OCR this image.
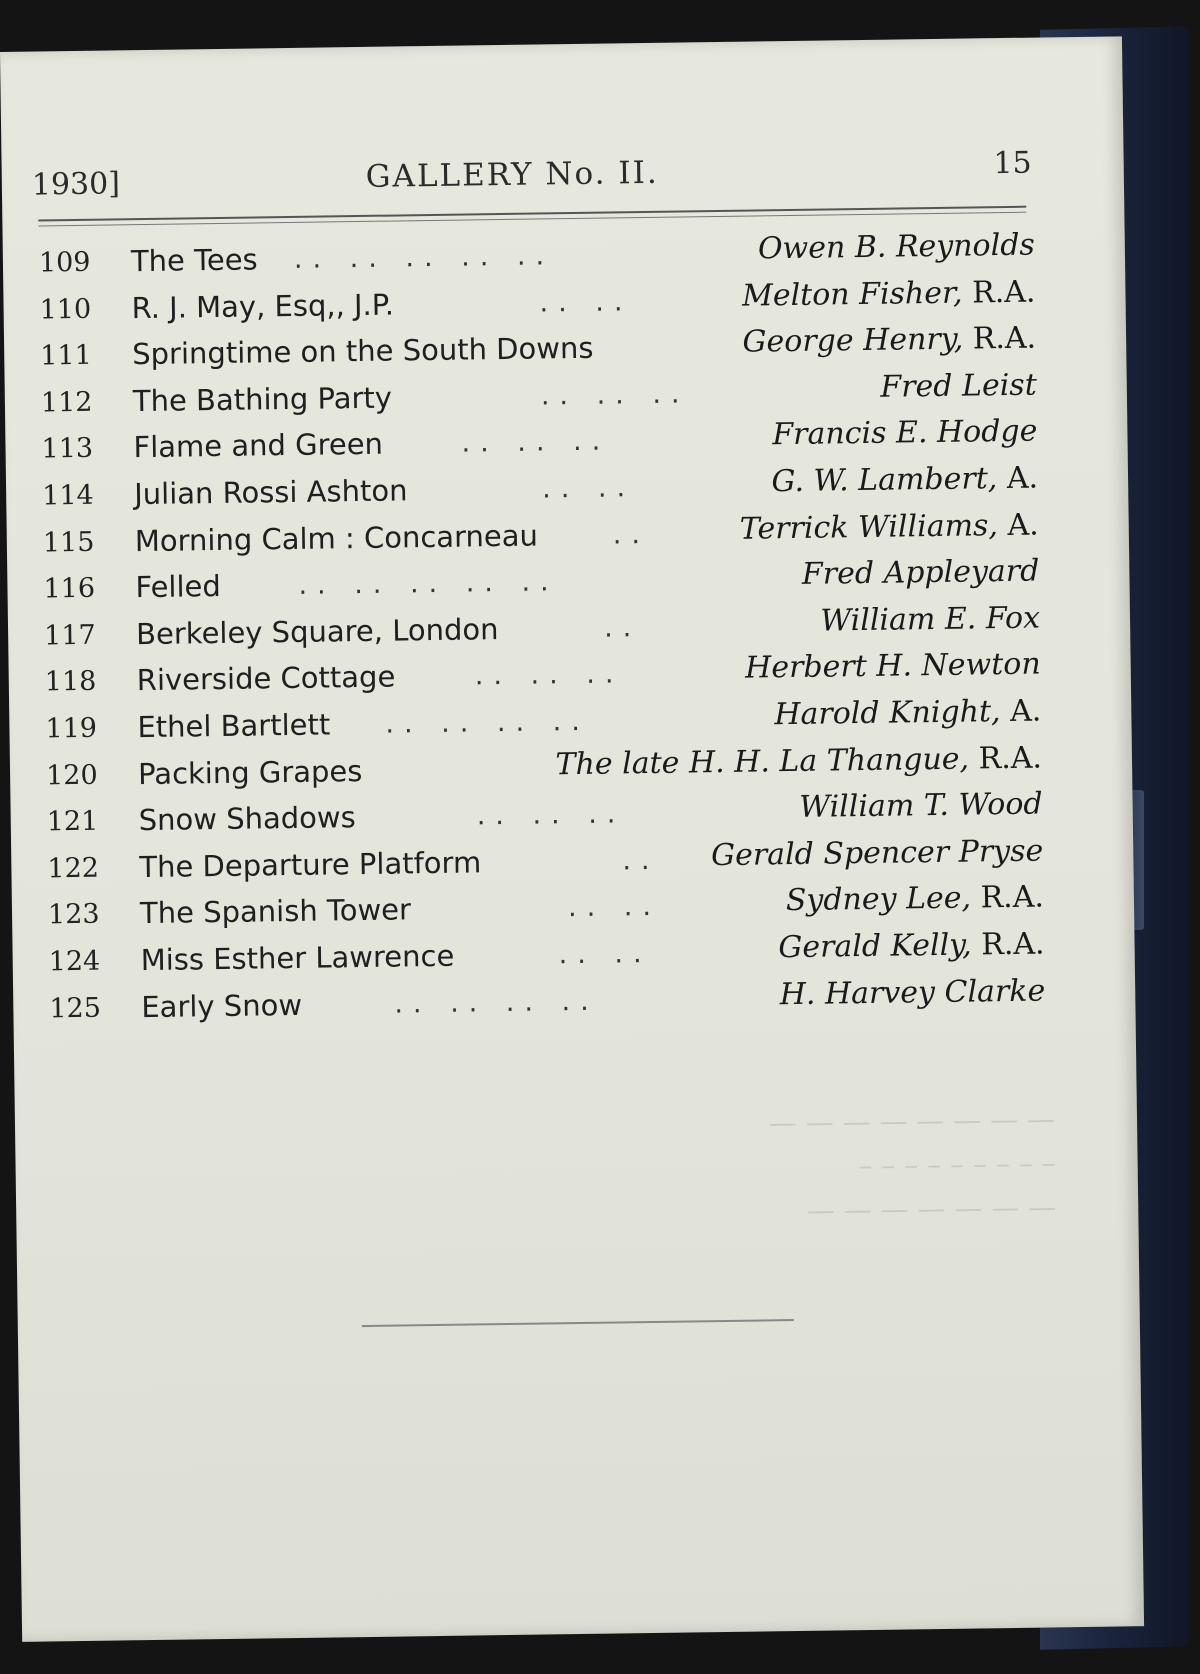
— — — — — — — —
– – – – – – – – –
— — — — — — —
1930]	GALLERY No. II.	15
109 The Tees .. .. .. .. ..	Owen B. Reynolds
110 R. J. May, Esq,, J.P.	.. ..	Melton Fisher, R.A.
111 Springtime on the South Downs	George Henry, R.A.
112 The Bathing Party	.. .. ..	Fred Leist
113 Flame and Green	.. .. ..	Francis E. Hodge
114 Julian Rossi Ashton	.. ..	G. W. Lambert, A.
115 Morning Calm : Concarneau	..	Terrick Williams, A.
116 Felled	.. .. .. .. ..	Fred Appleyard
117 Berkeley Square, London	..	William E. Fox
118 Riverside Cottage	.. .. ..	Herbert H. Newton
119 Ethel Bartlett .. .. .. ..	Harold Knight, A.
120 Packing Grapes	The late H. H. La Thangue, R.A.
121 Snow Shadows	.. .. ..	William T. Wood
122 The Departure Platform	.. Gerald Spencer Pryse
123 The Spanish Tower	.. ..	Sydney Lee, R.A.
124 Miss Esther Lawrence	.. ..	Gerald Kelly, R.A.
125 Early Snow	.. .. .. ..	H. Harvey Clarke
